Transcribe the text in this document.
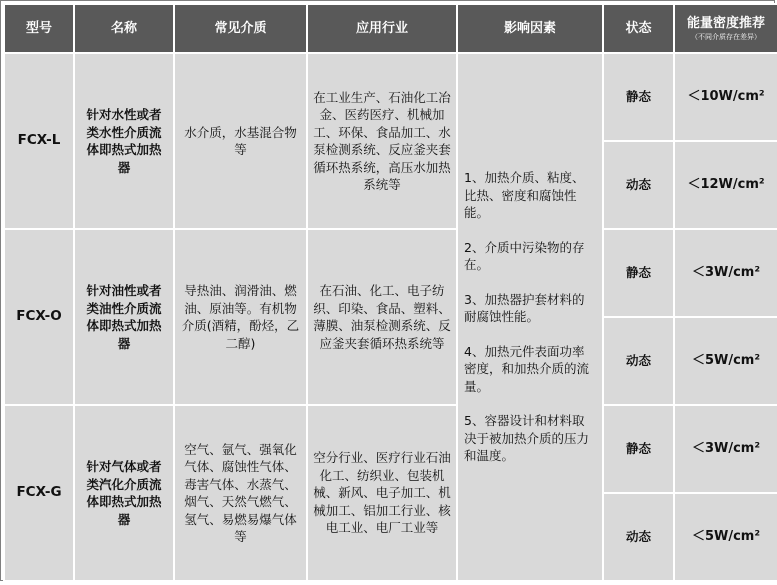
型号	名称	常见介质	应用行业	影响因素	状态	能量密度推荐
（不同介质存在差异）

FCX-L	针对水性或者类水性介质流体即热式加热器	水介质，水基混合物等	在工业生产、石油化工冶金、医药医疗、机械加工、环保、食品加工、水泵检测系统、反应釜夹套循环热系统，高压水加热系统等	1、加热介质、粘度、比热、密度和腐蚀性能。

2、介质中污染物的存在。

3、加热器护套材料的耐腐蚀性能。

4、加热元件表面功率密度，和加热介质的流量。

5、容器设计和材料取决于被加热介质的压力和温度。	静态	＜10W/cm²
					动态	＜12W/cm²
FCX-O	针对油性或者类油性介质流体即热式加热器	导热油、润滑油、燃油、原油等。有机物介质(酒精，酚烃，乙二醇)	在石油、化工、电子纺织、印染、食品、塑料、薄膜、油泵检测系统、反应釜夹套循环热系统等		静态	＜3W/cm²
					动态	＜5W/cm²
FCX-G	针对气体或者类汽化介质流体即热式加热器	空气、氩气、强氧化气体、腐蚀性气体、毒害气体、水蒸气、烟气、天然气燃气、氢气、易燃易爆气体等	空分行业、医疗行业石油化工、纺织业、包装机械、新风、电子加工、机械加工、铝加工行业、核电工业、电厂工业等		静态	＜3W/cm²
					动态	＜5W/cm²
